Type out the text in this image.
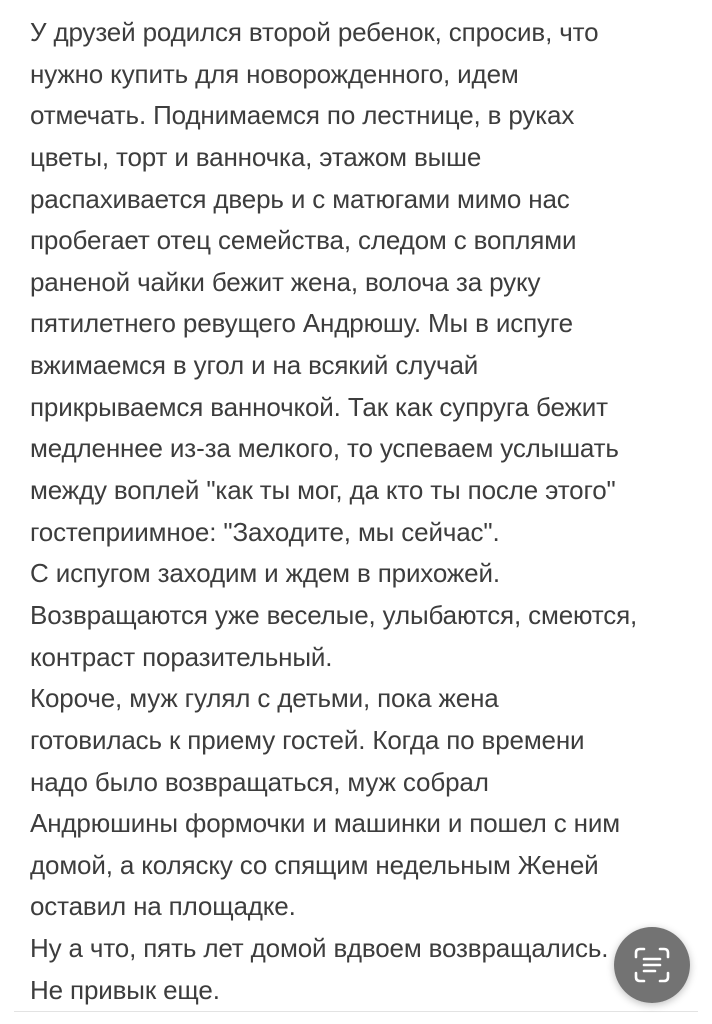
У друзей родился второй ребенок, спросив, что
нужно купить для новорожденного, идем
отмечать. Поднимаемся по лестнице, в руках
цветы, торт и ванночка, этажом выше
распахивается дверь и с матюгами мимо нас
пробегает отец семейства, следом с воплями
раненой чайки бежит жена, волоча за руку
пятилетнего ревущего Андрюшу. Мы в испуге
вжимаемся в угол и на всякий случай
прикрываемся ванночкой. Так как супруга бежит
медленнее из-за мелкого, то успеваем услышать
между воплей "как ты мог, да кто ты после этого"
гостеприимное: "Заходите, мы сейчас".
С испугом заходим и ждем в прихожей.
Возвращаются уже веселые, улыбаются, смеются,
контраст поразительный.
Короче, муж гулял с детьми, пока жена
готовилась к приему гостей. Когда по времени
надо было возвращаться, муж собрал
Андрюшины формочки и машинки и пошел с ним
домой, а коляску со спящим недельным Женей
оставил на площадке.
Ну а что, пять лет домой вдвоем возвращались.
Не привык еще.
